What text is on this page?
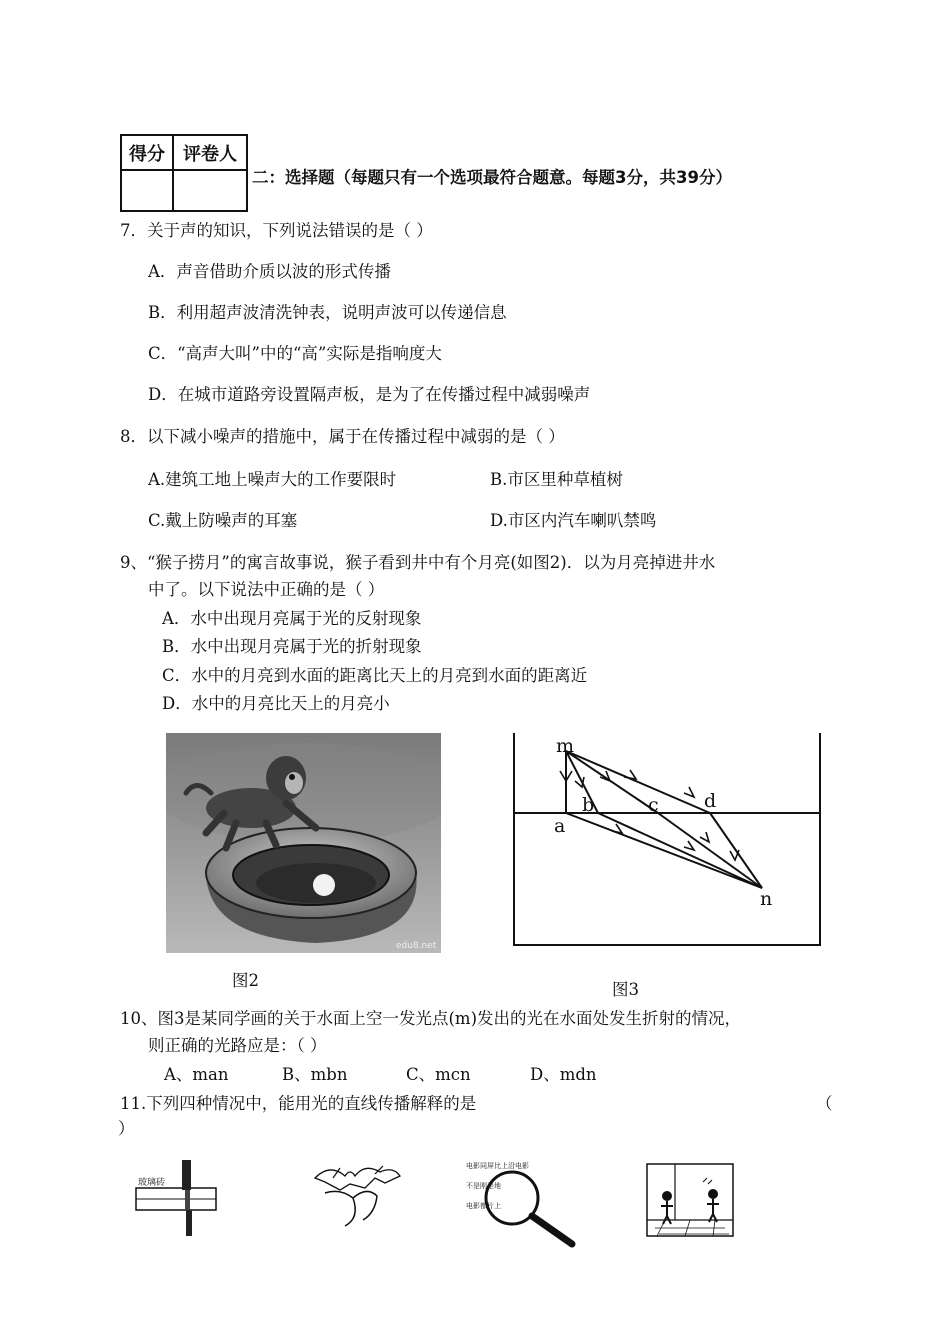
得分	评卷人

二：选择题（每题只有一个选项最符合题意。每题3分，共39分）
7．关于声的知识，下列说法错误的是（ ）
A．声音借助介质以波的形式传播
B．利用超声波清洗钟表，说明声波可以传递信息
C．“高声大叫”中的“高”实际是指响度大
D．在城市道路旁设置隔声板，是为了在传播过程中减弱噪声
8．以下减小噪声的措施中，属于在传播过程中减弱的是（ ）
A.建筑工地上噪声大的工作要限时	B.市区里种草植树
C.戴上防噪声的耳塞	D.市区内汽车喇叭禁鸣
9、“猴子捞月”的寓言故事说，猴子看到井中有个月亮(如图2)．以为月亮掉进井水
中了。以下说法中正确的是（ ）
A．水中出现月亮属于光的反射现象
B．水中出现月亮属于光的折射现象
C．水中的月亮到水面的距离比天上的月亮到水面的距离近
D．水中的月亮比天上的月亮小
edu8.net
图2
m
a
b	c d
n
图3
10、图3是某同学画的关于水面上空一发光点(m)发出的光在水面处发生折射的情况，
则正确的光路应是：（ ）
A、man	B、mbn	C、mcn	D、mdn
11.下列四种情况中，能用光的直线传播解释的是	（
）
玻璃砖
电影同屏比上沿电影
不是刚是地
电影都片上
